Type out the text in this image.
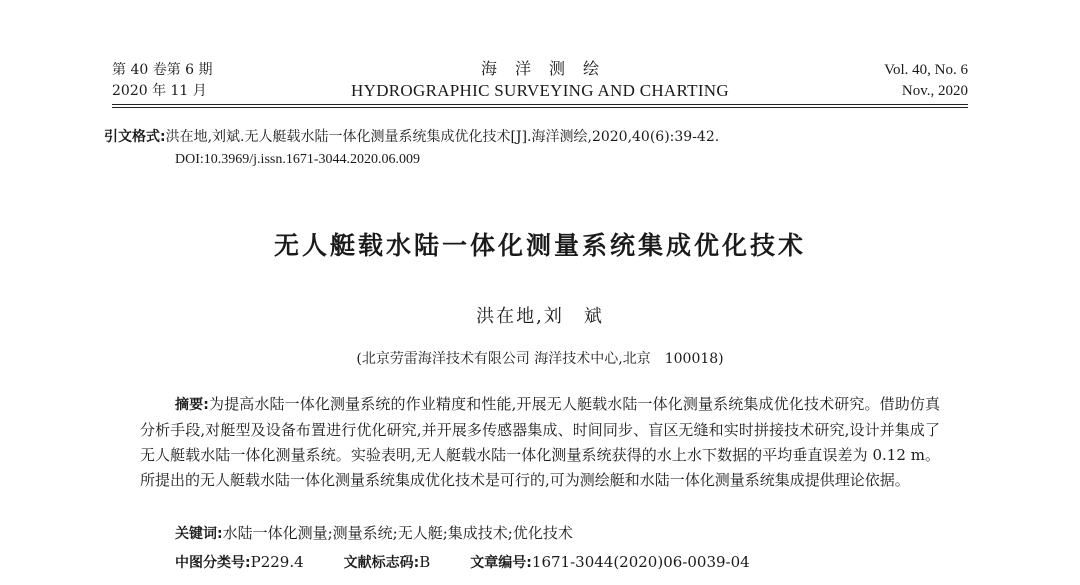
第 40 卷第 6 期
2020 年 11 月
海洋测绘
HYDROGRAPHIC SURVEYING AND CHARTING
Vol. 40, No. 6
Nov., 2020
引文格式:洪在地,刘斌.无人艇载水陆一体化测量系统集成优化技术[J].海洋测绘,2020,40(6):39-42.
DOI:10.3969/j.issn.1671-3044.2020.06.009
无人艇载水陆一体化测量系统集成优化技术
洪在地,刘　斌
(北京劳雷海洋技术有限公司 海洋技术中心,北京　100018)
摘要:为提高水陆一体化测量系统的作业精度和性能,开展无人艇载水陆一体化测量系统集成优化技术研究。借助仿真分析手段,对艇型及设备布置进行优化研究,并开展多传感器集成、时间同步、盲区无缝和实时拼接技术研究,设计并集成了无人艇载水陆一体化测量系统。实验表明,无人艇载水陆一体化测量系统获得的水上水下数据的平均垂直误差为 0.12 m。所提出的无人艇载水陆一体化测量系统集成优化技术是可行的,可为测绘艇和水陆一体化测量系统集成提供理论依据。
关键词:水陆一体化测量;测量系统;无人艇;集成技术;优化技术
中图分类号:P229.4	文献标志码:B	文章编号:1671-3044(2020)06-0039-04
